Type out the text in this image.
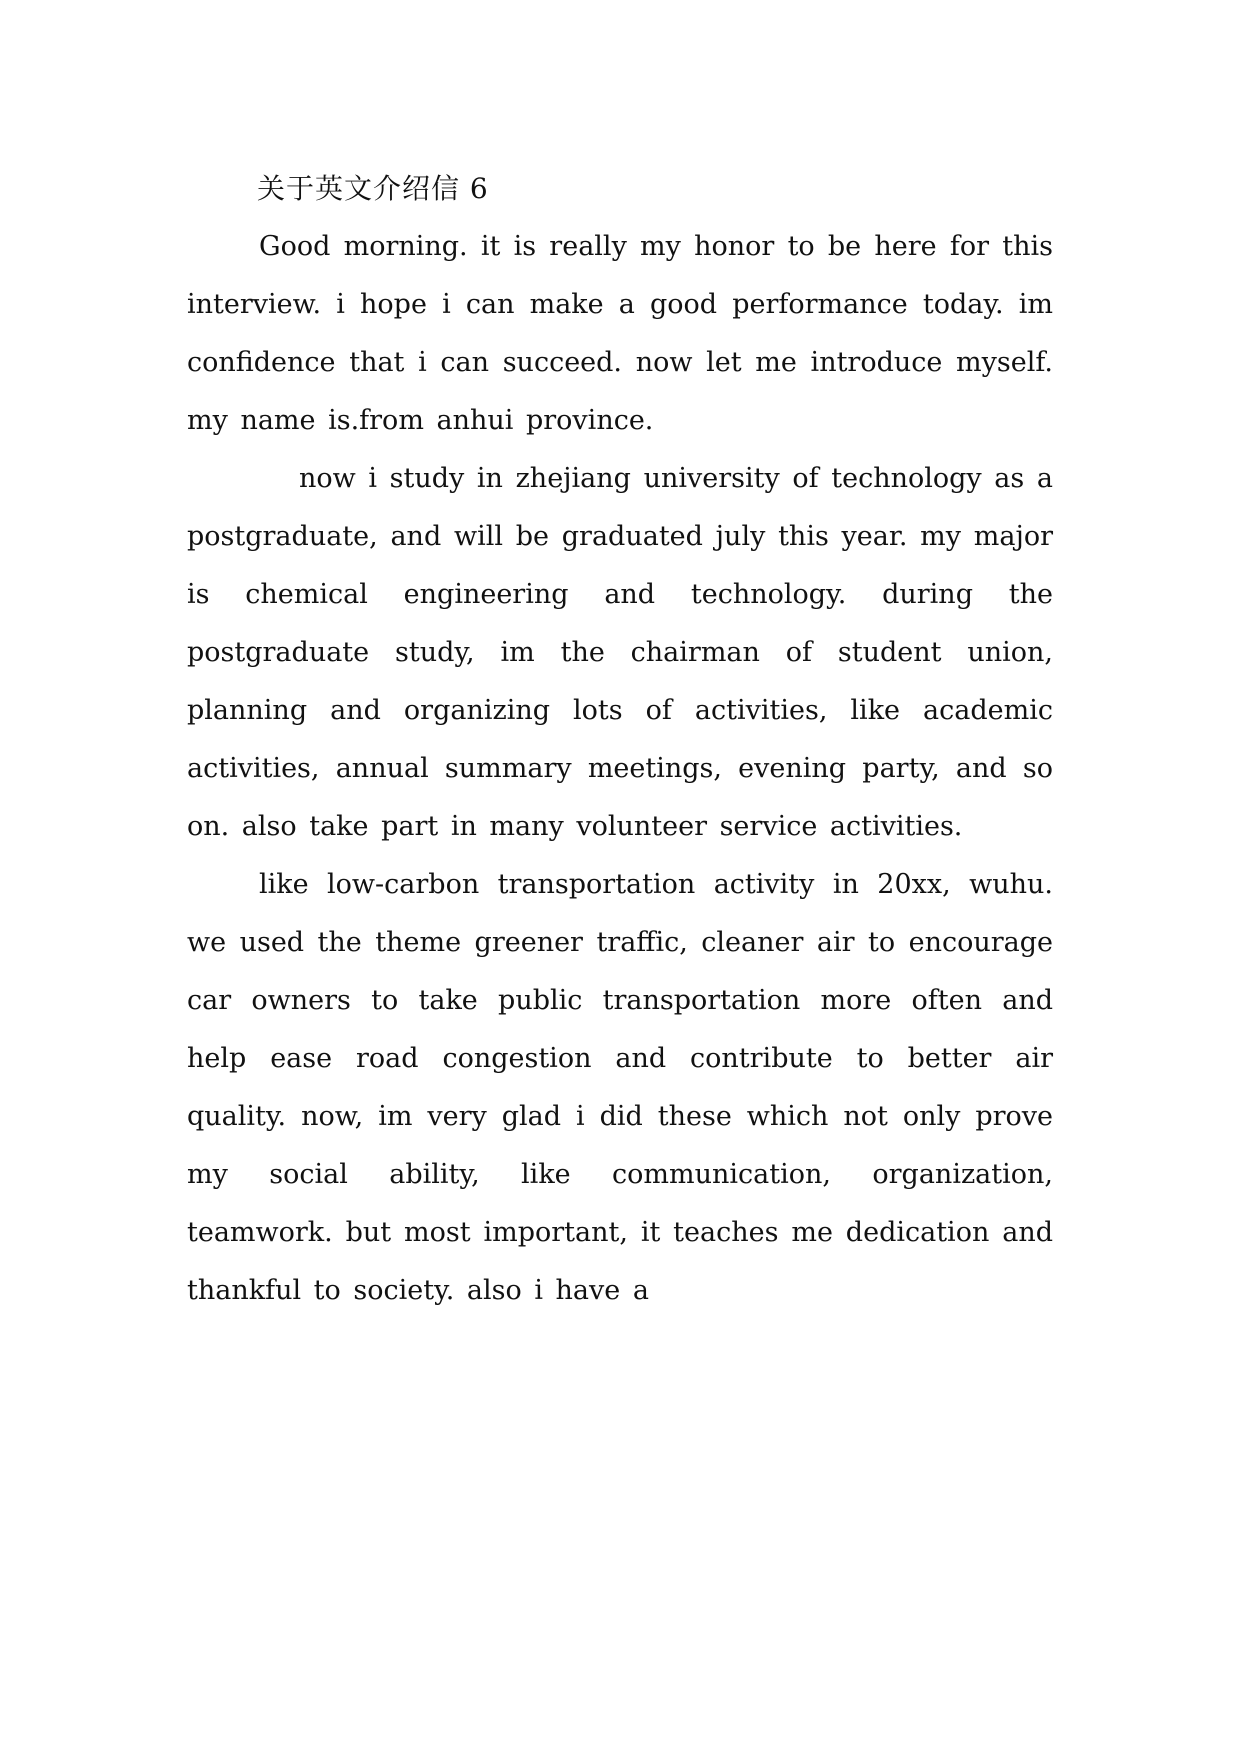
关于英文介绍信 6

Good morning. it is really my honor to be here for this interview. i hope i can make a good performance today. im confidence that i can succeed. now let me introduce myself. my name is.from anhui province.

now i study in zhejiang university of technology as a postgraduate, and will be graduated july this year. my major is chemical engineering and technology. during the postgraduate study, im the chairman of student union, planning and organizing lots of activities, like academic activities, annual summary meetings, evening party, and so on. also take part in many volunteer service activities.

like low-carbon transportation activity in 20xx, wuhu. we used the theme greener traffic, cleaner air to encourage car owners to take public transportation more often and help ease road congestion and contribute to better air quality. now, im very glad i did these which not only prove my social ability, like communication, organization, teamwork. but most important, it teaches me dedication and thankful to society. also i have a
